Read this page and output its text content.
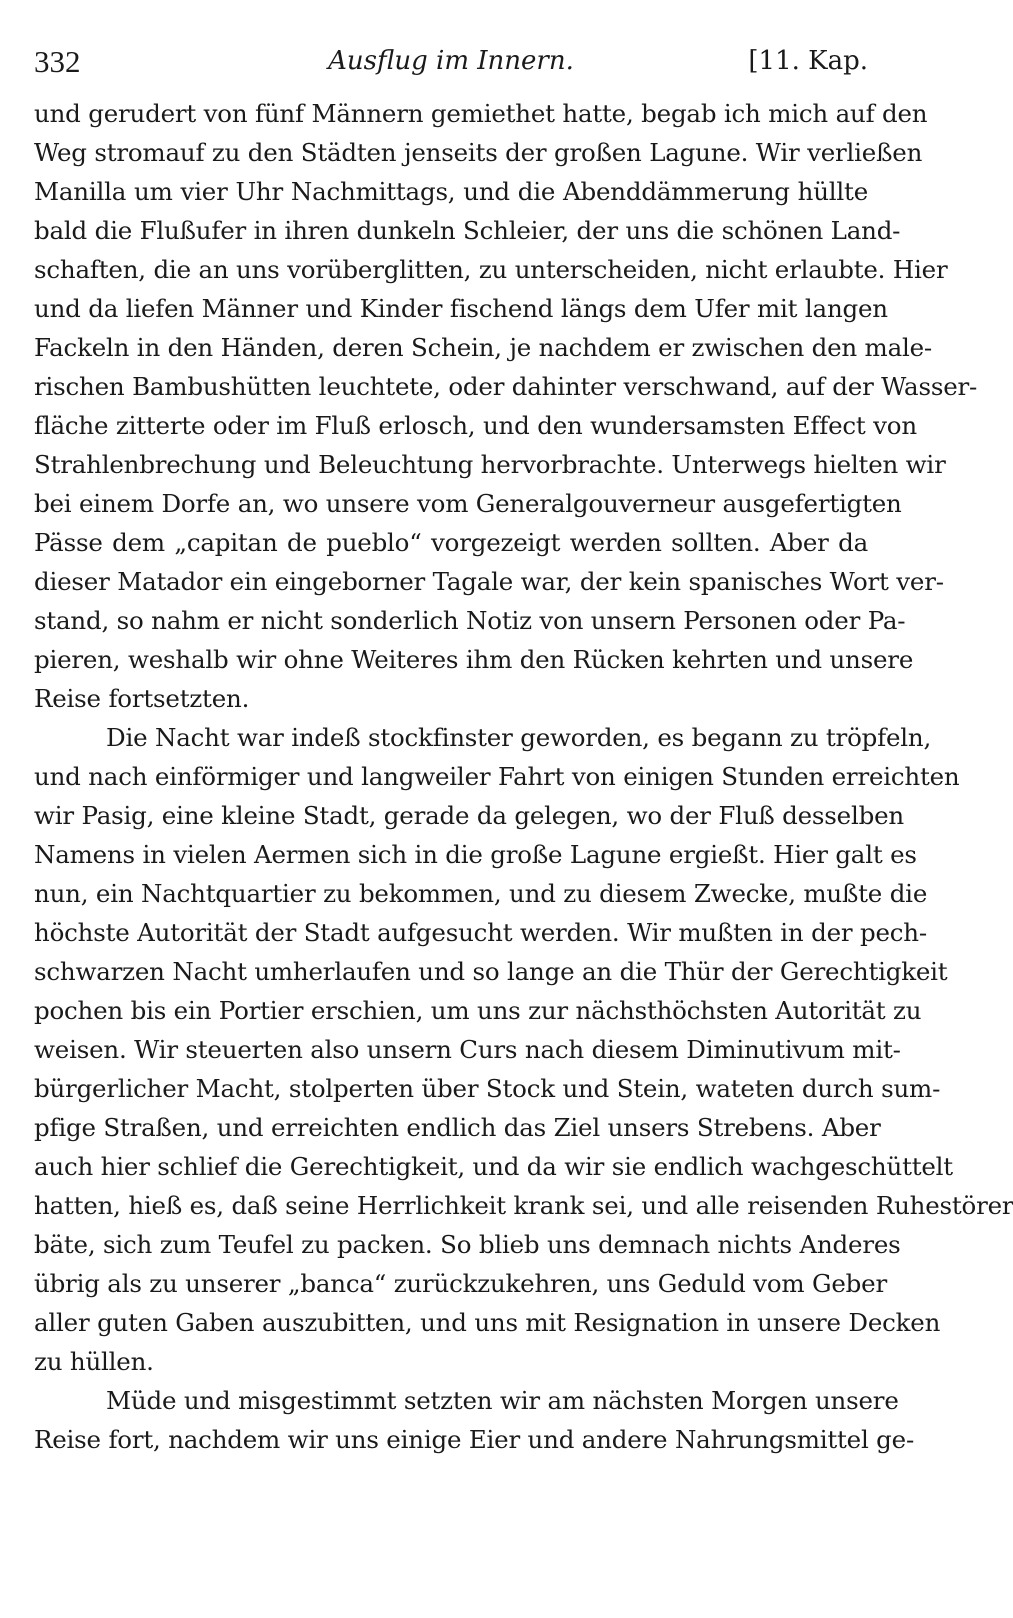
332	Ausflug im Innern.	[11. Kap.
und gerudert von fünf Männern gemiethet hatte, begab ich mich auf den
Weg stromauf zu den Städten jenseits der großen Lagune. Wir verließen
Manilla um vier Uhr Nachmittags, und die Abenddämmerung hüllte
bald die Flußufer in ihren dunkeln Schleier, der uns die schönen Land-
schaften, die an uns vorüberglitten, zu unterscheiden, nicht erlaubte. Hier
und da liefen Männer und Kinder fischend längs dem Ufer mit langen
Fackeln in den Händen, deren Schein, je nachdem er zwischen den male-
rischen Bambushütten leuchtete, oder dahinter verschwand, auf der Wasser-
fläche zitterte oder im Fluß erlosch, und den wundersamsten Effect von
Strahlenbrechung und Beleuchtung hervorbrachte. Unterwegs hielten wir
bei einem Dorfe an, wo unsere vom Generalgouverneur ausgefertigten
Pässe dem „capitan de pueblo“ vorgezeigt werden sollten. Aber da
dieser Matador ein eingeborner Tagale war, der kein spanisches Wort ver-
stand, so nahm er nicht sonderlich Notiz von unsern Personen oder Pa-
pieren, weshalb wir ohne Weiteres ihm den Rücken kehrten und unsere
Reise fortsetzten.
Die Nacht war indeß stockfinster geworden, es begann zu tröpfeln,
und nach einförmiger und langweiler Fahrt von einigen Stunden erreichten
wir Pasig, eine kleine Stadt, gerade da gelegen, wo der Fluß desselben
Namens in vielen Aermen sich in die große Lagune ergießt. Hier galt es
nun, ein Nachtquartier zu bekommen, und zu diesem Zwecke, mußte die
höchste Autorität der Stadt aufgesucht werden. Wir mußten in der pech-
schwarzen Nacht umherlaufen und so lange an die Thür der Gerechtigkeit
pochen bis ein Portier erschien, um uns zur nächsthöchsten Autorität zu
weisen. Wir steuerten also unsern Curs nach diesem Diminutivum mit-
bürgerlicher Macht, stolperten über Stock und Stein, wateten durch sum-
pfige Straßen, und erreichten endlich das Ziel unsers Strebens. Aber
auch hier schlief die Gerechtigkeit, und da wir sie endlich wachgeschüttelt
hatten, hieß es, daß seine Herrlichkeit krank sei, und alle reisenden Ruhestörer
bäte, sich zum Teufel zu packen. So blieb uns demnach nichts Anderes
übrig als zu unserer „banca“ zurückzukehren, uns Geduld vom Geber
aller guten Gaben auszubitten, und uns mit Resignation in unsere Decken
zu hüllen.
Müde und misgestimmt setzten wir am nächsten Morgen unsere
Reise fort, nachdem wir uns einige Eier und andere Nahrungsmittel ge-
